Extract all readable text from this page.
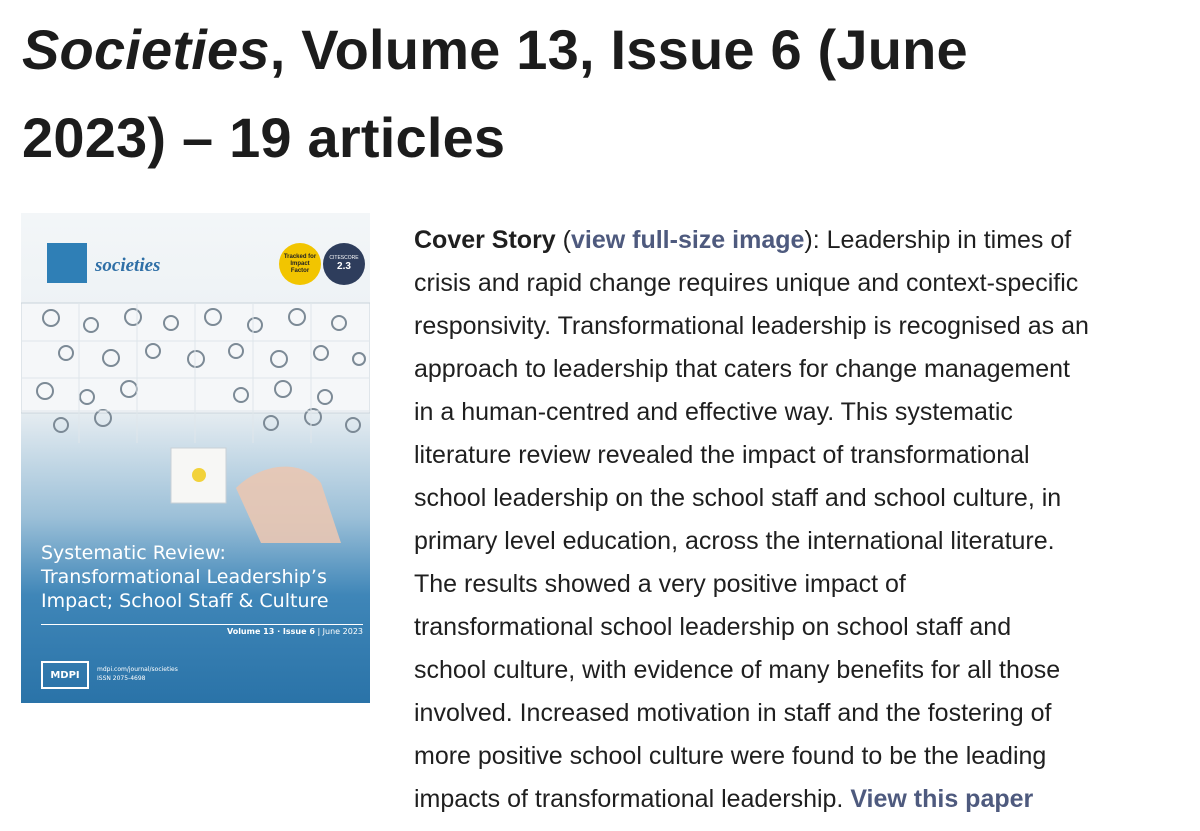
Societies, Volume 13, Issue 6 (June
2023) – 19 articles
societies	Tracked for
Impact
Factor
CITESCORE
2.3
Systematic Review:
Transformational Leadership’s
Impact; School Staff & Culture
Volume 13 · Issue 6 | June 2023
MDPI	mdpi.com/journal/societies
ISSN 2075-4698
Cover Story (view full-size image): Leadership in times of
crisis and rapid change requires unique and context-specific
responsivity. Transformational leadership is recognised as an
approach to leadership that caters for change management
in a human-centred and effective way. This systematic
literature review revealed the impact of transformational
school leadership on the school staff and school culture, in
primary level education, across the international literature.
The results showed a very positive impact of
transformational school leadership on school staff and
school culture, with evidence of many benefits for all those
involved. Increased motivation in staff and the fostering of
more positive school culture were found to be the leading
impacts of transformational leadership. View this paper
